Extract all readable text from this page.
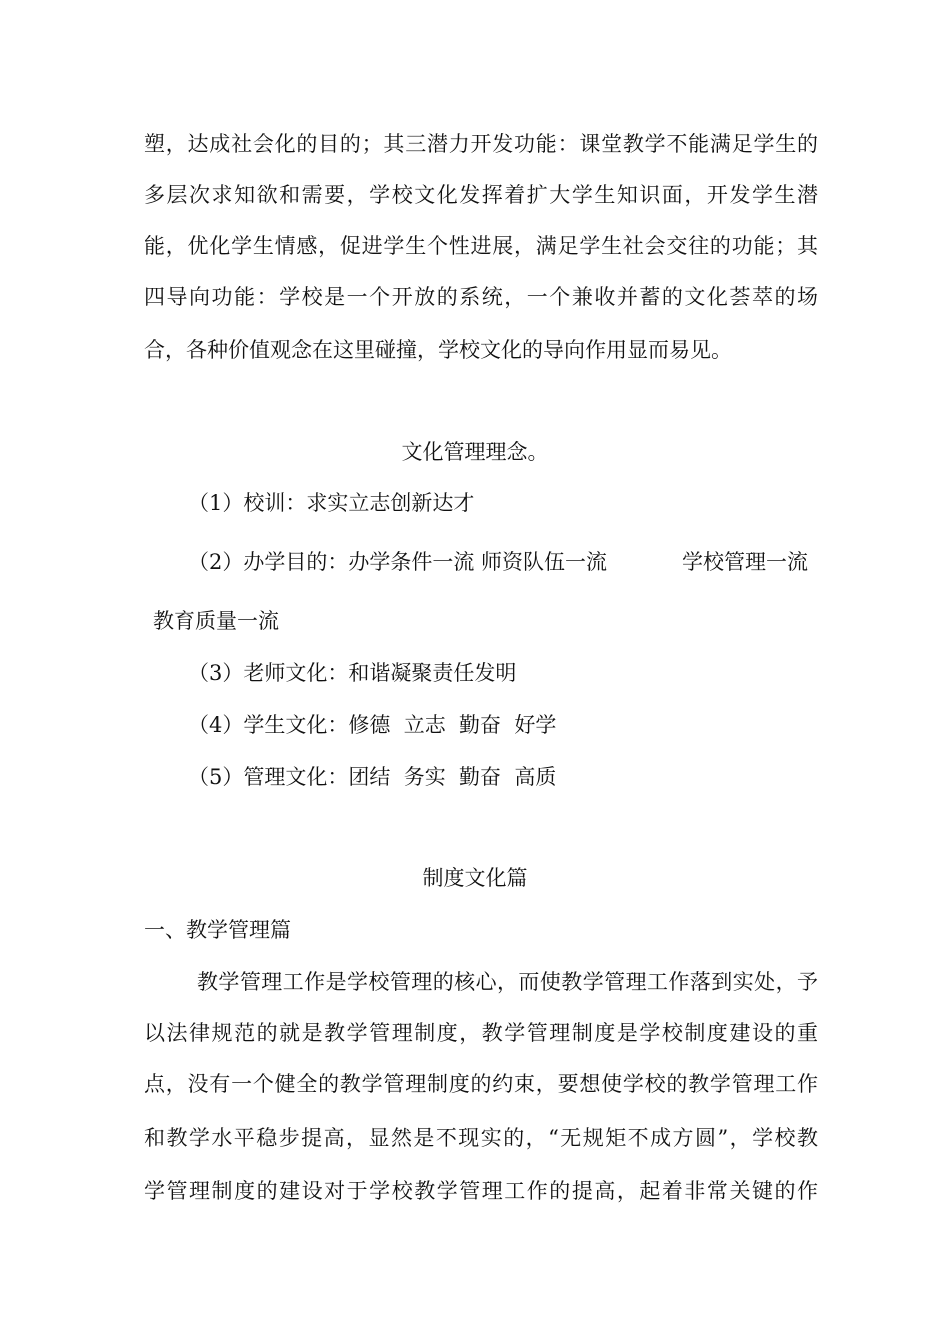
塑，达成社会化的目的；其三潜力开发功能：课堂教学不能满足学生的
多层次求知欲和需要，学校文化发挥着扩大学生知识面，开发学生潜
能，优化学生情感，促进学生个性进展，满足学生社会交往的功能；其
四导向功能：学校是一个开放的系统，一个兼收并蓄的文化荟萃的场
合，各种价值观念在这里碰撞，学校文化的导向作用显而易见。
文化管理理念。
（1）校训：求实立志创新达才
（2）办学目的：办学条件一流 师资队伍一流	学校管理一流
教育质量一流
（3）老师文化：和谐凝聚责任发明
（4）学生文化：修德  立志  勤奋  好学
（5）管理文化：团结  务实  勤奋  高质
制度文化篇
一、教学管理篇
教学管理工作是学校管理的核心，而使教学管理工作落到实处，予
以法律规范的就是教学管理制度，教学管理制度是学校制度建设的重
点，没有一个健全的教学管理制度的约束，要想使学校的教学管理工作
和教学水平稳步提高，显然是不现实的，“无规矩不成方圆”，学校教
学管理制度的建设对于学校教学管理工作的提高，起着非常关键的作
